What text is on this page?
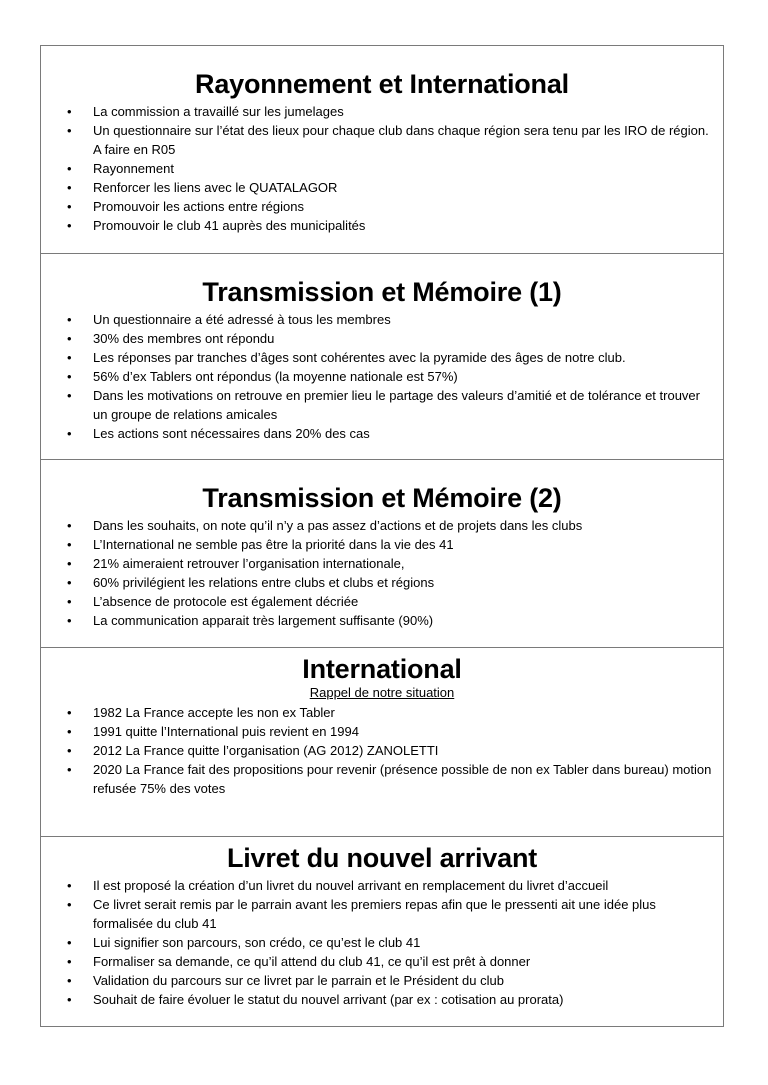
Rayonnement et International
• La commission a travaillé sur les jumelages
• Un questionnaire sur l’état des lieux pour chaque club dans chaque région sera tenu par les IRO de région. A faire en R05
• Rayonnement
• Renforcer les liens avec le QUATALAGOR
• Promouvoir les actions entre régions
• Promouvoir le club 41 auprès des municipalités
Transmission et Mémoire (1)
• Un questionnaire a été adressé à tous les membres
• 30% des membres ont répondu
• Les réponses par tranches d’âges sont cohérentes avec la pyramide des âges de notre club.
• 56% d’ex Tablers ont répondus (la moyenne nationale est 57%)
• Dans les motivations on retrouve en premier lieu le partage des valeurs d’amitié et de tolérance et trouver un groupe de relations amicales
• Les actions sont nécessaires dans 20% des cas
Transmission et Mémoire (2)
• Dans les souhaits, on note qu’il n’y a pas assez d’actions et de projets dans les clubs
• L’International ne semble pas être la priorité dans la vie des 41
• 21% aimeraient retrouver l’organisation internationale,
• 60% privilégient les relations entre clubs et clubs et régions
• L’absence de protocole est également décriée
• La communication apparait très largement suffisante (90%)
International
Rappel de notre situation
• 1982 La France accepte les non ex Tabler
• 1991 quitte l’International puis revient en 1994
• 2012 La France quitte l’organisation (AG 2012) ZANOLETTI
• 2020 La France fait des propositions pour revenir (présence possible de non ex Tabler dans bureau) motion refusée 75% des votes
Livret du nouvel arrivant
• Il est proposé la création d’un livret du nouvel arrivant en remplacement du livret d’accueil
• Ce livret serait remis par le parrain avant les premiers repas afin que le pressenti ait une idée plus formalisée du club 41
• Lui signifier son parcours, son crédo, ce qu’est le club 41
• Formaliser sa demande, ce qu’il attend du club 41, ce qu’il est prêt à donner
• Validation du parcours sur ce livret par le parrain et le Président du club
• Souhait de faire évoluer le statut du nouvel arrivant (par ex : cotisation au prorata)
